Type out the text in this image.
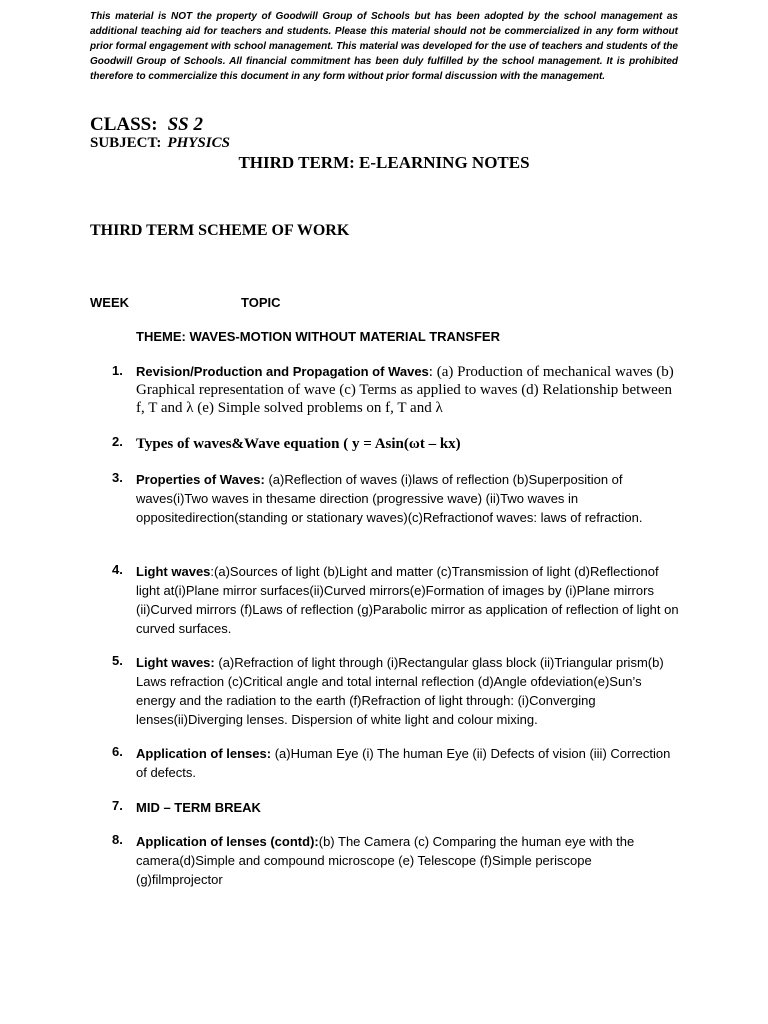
This material is NOT the property of Goodwill Group of Schools but has been adopted by the school management as additional teaching aid for teachers and students. Please this material should not be commercialized in any form without prior formal engagement with school management. This material was developed for the use of teachers and students of the Goodwill Group of Schools. All financial commitment has been duly fulfilled by the school management. It is prohibited therefore to commercialize this document in any form without prior formal discussion with the management.
CLASS: SS 2
SUBJECT: PHYSICS
THIRD TERM: E-LEARNING NOTES
THIRD TERM SCHEME OF WORK
WEEK	TOPIC
THEME: WAVES-MOTION WITHOUT MATERIAL TRANSFER
1.	Revision/Production and Propagation of Waves: (a) Production of mechanical waves (b) Graphical representation of wave (c) Terms as applied to waves (d) Relationship between f, T and λ (e) Simple solved problems on f, T and λ
2. Types of waves&Wave equation ( y = Asin(ωt – kx)
3.	Properties of Waves: (a)Reflection of waves (i)laws of reflection (b)Superposition of waves(i)Two waves in thesame direction (progressive wave) (ii)Two waves in oppositedirection(standing or stationary waves)(c)Refractionof waves: laws of refraction.
4.	Light waves:(a)Sources of light (b)Light and matter (c)Transmission of light (d)Reflectionof light at(i)Plane mirror surfaces(ii)Curved mirrors(e)Formation of images by (i)Plane mirrors (ii)Curved mirrors (f)Laws of reflection (g)Parabolic mirror as application of reflection of light on curved surfaces.
5.	Light waves: (a)Refraction of light through (i)Rectangular glass block (ii)Triangular prism(b) Laws refraction (c)Critical angle and total internal reflection (d)Angle ofdeviation(e)Sun’s energy and the radiation to the earth (f)Refraction of light through: (i)Converging lenses(ii)Diverging lenses. Dispersion of white light and colour mixing.
6.	Application of lenses: (a)Human Eye (i) The human Eye (ii) Defects of vision (iii) Correction of defects.
7.	MID – TERM BREAK
8.	Application of lenses (contd):(b) The Camera (c) Comparing the human eye with the camera(d)Simple and compound microscope (e) Telescope (f)Simple periscope (g)filmprojector
